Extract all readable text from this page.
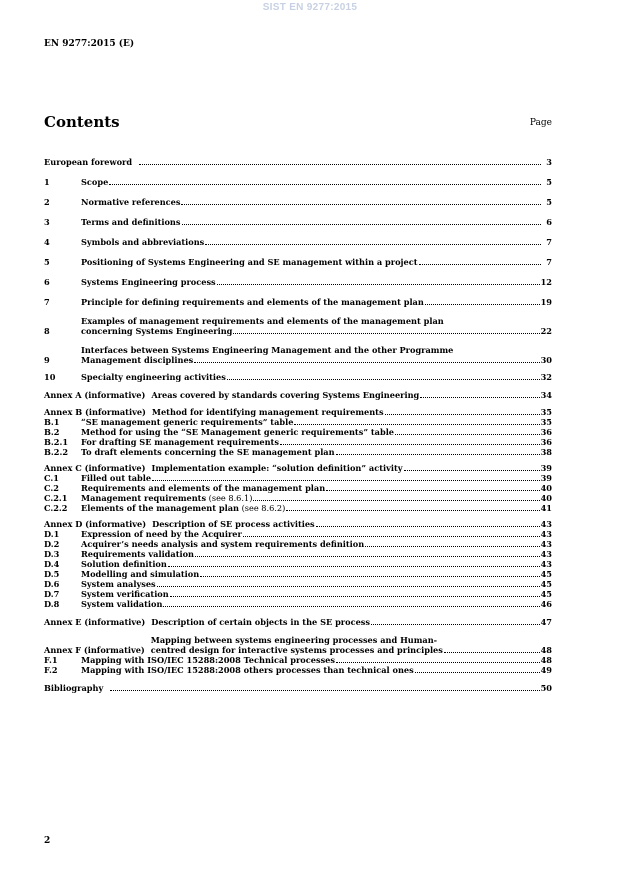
SIST EN 9277:2015
EN 9277:2015 (E)
Contents	Page
European foreword	3
1	Scope	5
2	Normative references	5
3	Terms and definitions	6
4	Symbols and abbreviations	7
5	Positioning of Systems Engineering and SE management within a project	7
6	Systems Engineering process	12
7	Principle for defining requirements and elements of the management plan	19
8
Examples of management requirements and elements of the management plan
concerning Systems Engineering	22
9
Interfaces between Systems Engineering Management and the other Programme
Management disciplines	30
10	Specialty engineering activities	32
Annex A (informative) Areas covered by standards covering Systems Engineering	34
Annex B (informative) Method for identifying management requirements	35
B.1	“SE management generic requirements” table	35
B.2	Method for using the “SE Management generic requirements” table	36
B.2.1	For drafting SE management requirements	36
B.2.2	To draft elements concerning the SE management plan	38
Annex C (informative) Implementation example: “solution definition” activity	39
C.1	Filled out table	39
C.2	Requirements and elements of the management plan	40
C.2.1	Management requirements (see 8.6.1)	40
C.2.2	Elements of the management plan (see 8.6.2)	41
Annex D (informative) Description of SE process activities	43
D.1	Expression of need by the Acquirer	43
D.2	Acquirer’s needs analysis and system requirements definition	43
D.3	Requirements validation	43
D.4	Solution definition	43
D.5	Modelling and simulation	45
D.6	System analyses	45
D.7	System verification	45
D.8	System validation	46
Annex E (informative) Description of certain objects in the SE process	47
Annex F (informative)
Mapping between systems engineering processes and Human-
centred design for interactive systems processes and principles	48
F.1	Mapping with ISO/IEC 15288:2008 Technical processes	48
F.2	Mapping with ISO/IEC 15288:2008 others processes than technical ones	49
Bibliography	50
2
